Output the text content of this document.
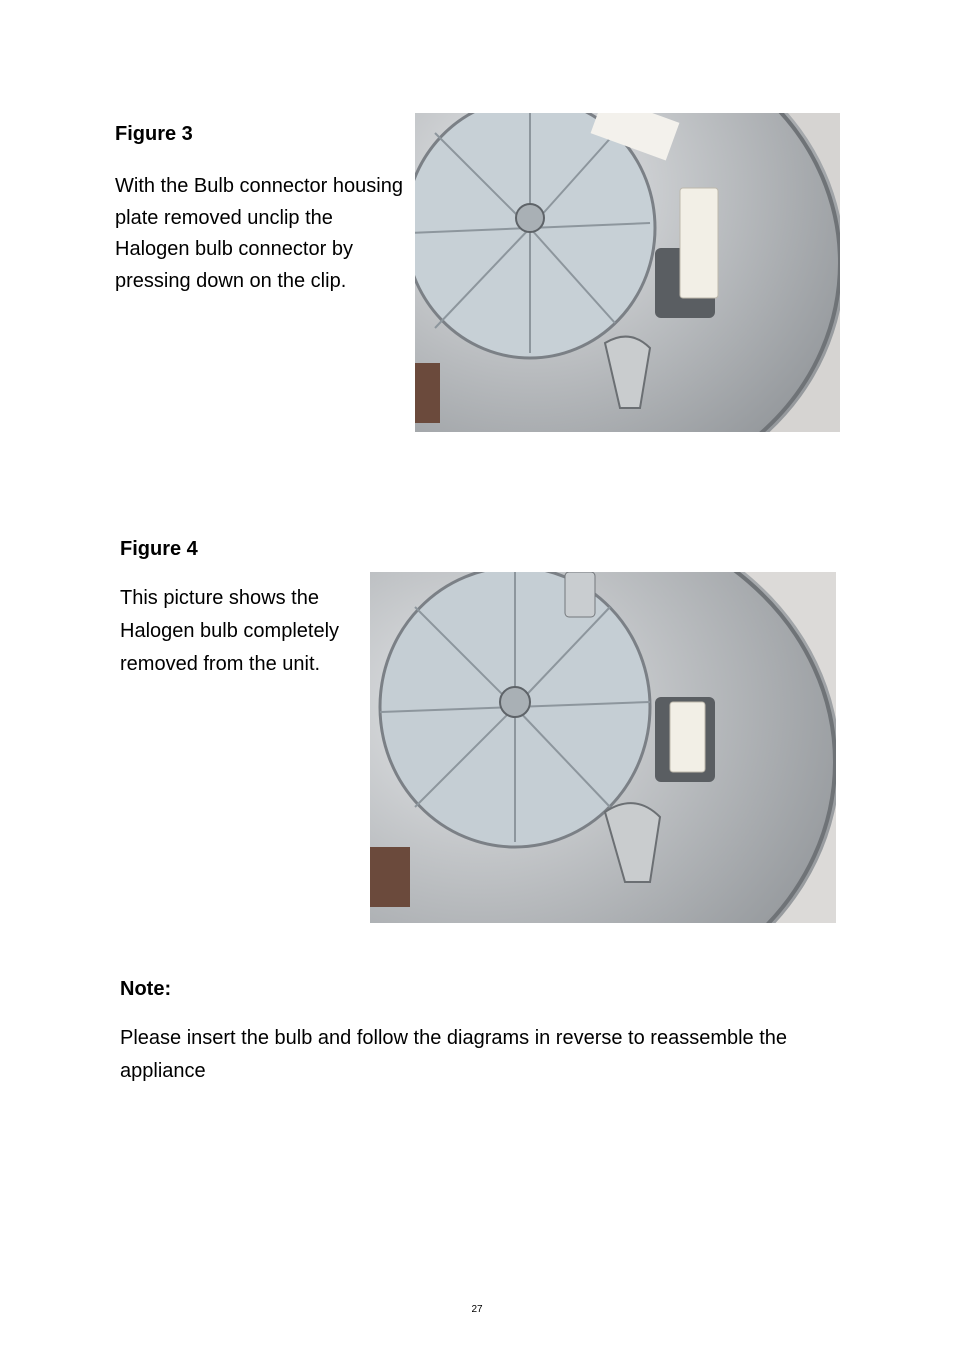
Figure 3
With the Bulb connector housing plate removed unclip the Halogen bulb connector by pressing down on the clip.
Figure 4
This picture shows the Halogen bulb completely removed from the unit.
Note:
Please insert the bulb and follow the diagrams in reverse to reassemble the appliance
27
